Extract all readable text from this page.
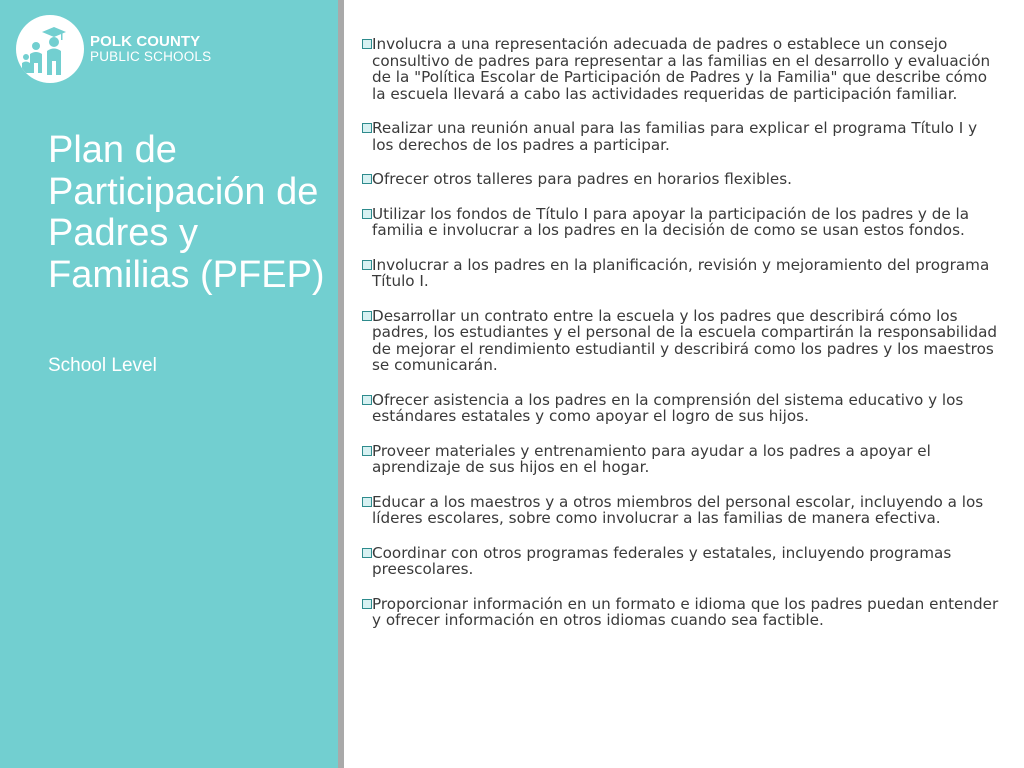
POLK COUNTY
PUBLIC SCHOOLS
Plan de Participación de Padres y Familias (PFEP)
School Level
Involucra a una representación adecuada de padres o establece un consejo consultivo de padres para representar a las familias en el desarrollo y evaluación de la "Política Escolar de Participación de Padres y la Familia" que describe cómo la escuela llevará a cabo las actividades requeridas de participación familiar.
Realizar una reunión anual para las familias para explicar el programa Título I y los derechos de los padres a participar.
Ofrecer otros talleres para padres en horarios flexibles.
Utilizar los fondos de Título I para apoyar la participación de los padres y de la familia e involucrar a los padres en la decisión de como se usan estos fondos.
Involucrar a los padres en la planificación, revisión y mejoramiento del programa Título I.
Desarrollar un contrato entre la escuela y los padres que describirá cómo los padres, los estudiantes y el personal de la escuela compartirán la responsabilidad de mejorar el rendimiento estudiantil y describirá como los padres y los maestros se comunicarán.
Ofrecer asistencia a los padres en la comprensión del sistema educativo y los estándares estatales y como apoyar el logro de sus hijos.
Proveer materiales y entrenamiento para ayudar a los padres a apoyar el aprendizaje de sus hijos en el hogar.
Educar a los maestros y a otros miembros del personal escolar, incluyendo a los líderes escolares, sobre como involucrar a las familias de manera efectiva.
Coordinar con otros programas federales y estatales, incluyendo programas preescolares.
Proporcionar información en un formato e idioma que los padres puedan entender y ofrecer información en otros idiomas cuando sea factible.
